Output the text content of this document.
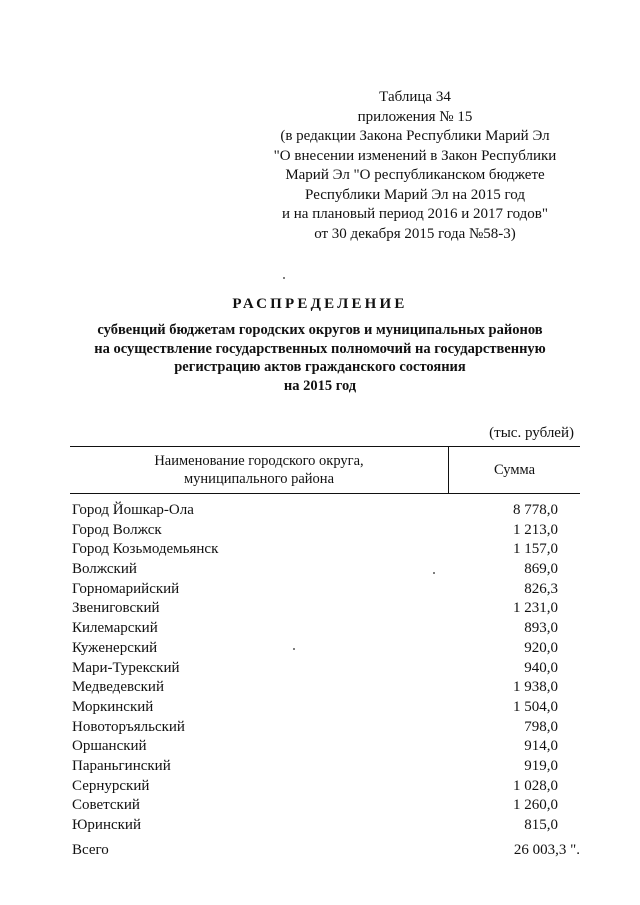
Таблица 34
приложения № 15
(в редакции Закона Республики Марий Эл
"О внесении изменений в Закон Республики
Марий Эл "О республиканском бюджете
Республики Марий Эл на 2015 год
и на плановый период 2016 и 2017 годов"
от 30 декабря 2015 года №58-3)
РАСПРЕДЕЛЕНИЕ
субвенций бюджетам городских округов и муниципальных районов
на осуществление государственных полномочий на государственную
регистрацию актов гражданского состояния
на 2015 год
(тыс. рублей)
Наименование городского округа,
муниципального района
Сумма
Город Йошкар-Ола	8 778,0
Город Волжск	1 213,0
Город Козьмодемьянск	1 157,0
Волжский	869,0
Горномарийский	826,3
Звениговский	1 231,0
Килемарский	893,0
Куженерский	920,0
Мари-Турекский	940,0
Медведевский	1 938,0
Моркинский	1 504,0
Новоторъяльский	798,0
Оршанский	914,0
Параньгинский	919,0
Сернурский	1 028,0
Советский	1 260,0
Юринский	815,0
Всего	26 003,3 ".
